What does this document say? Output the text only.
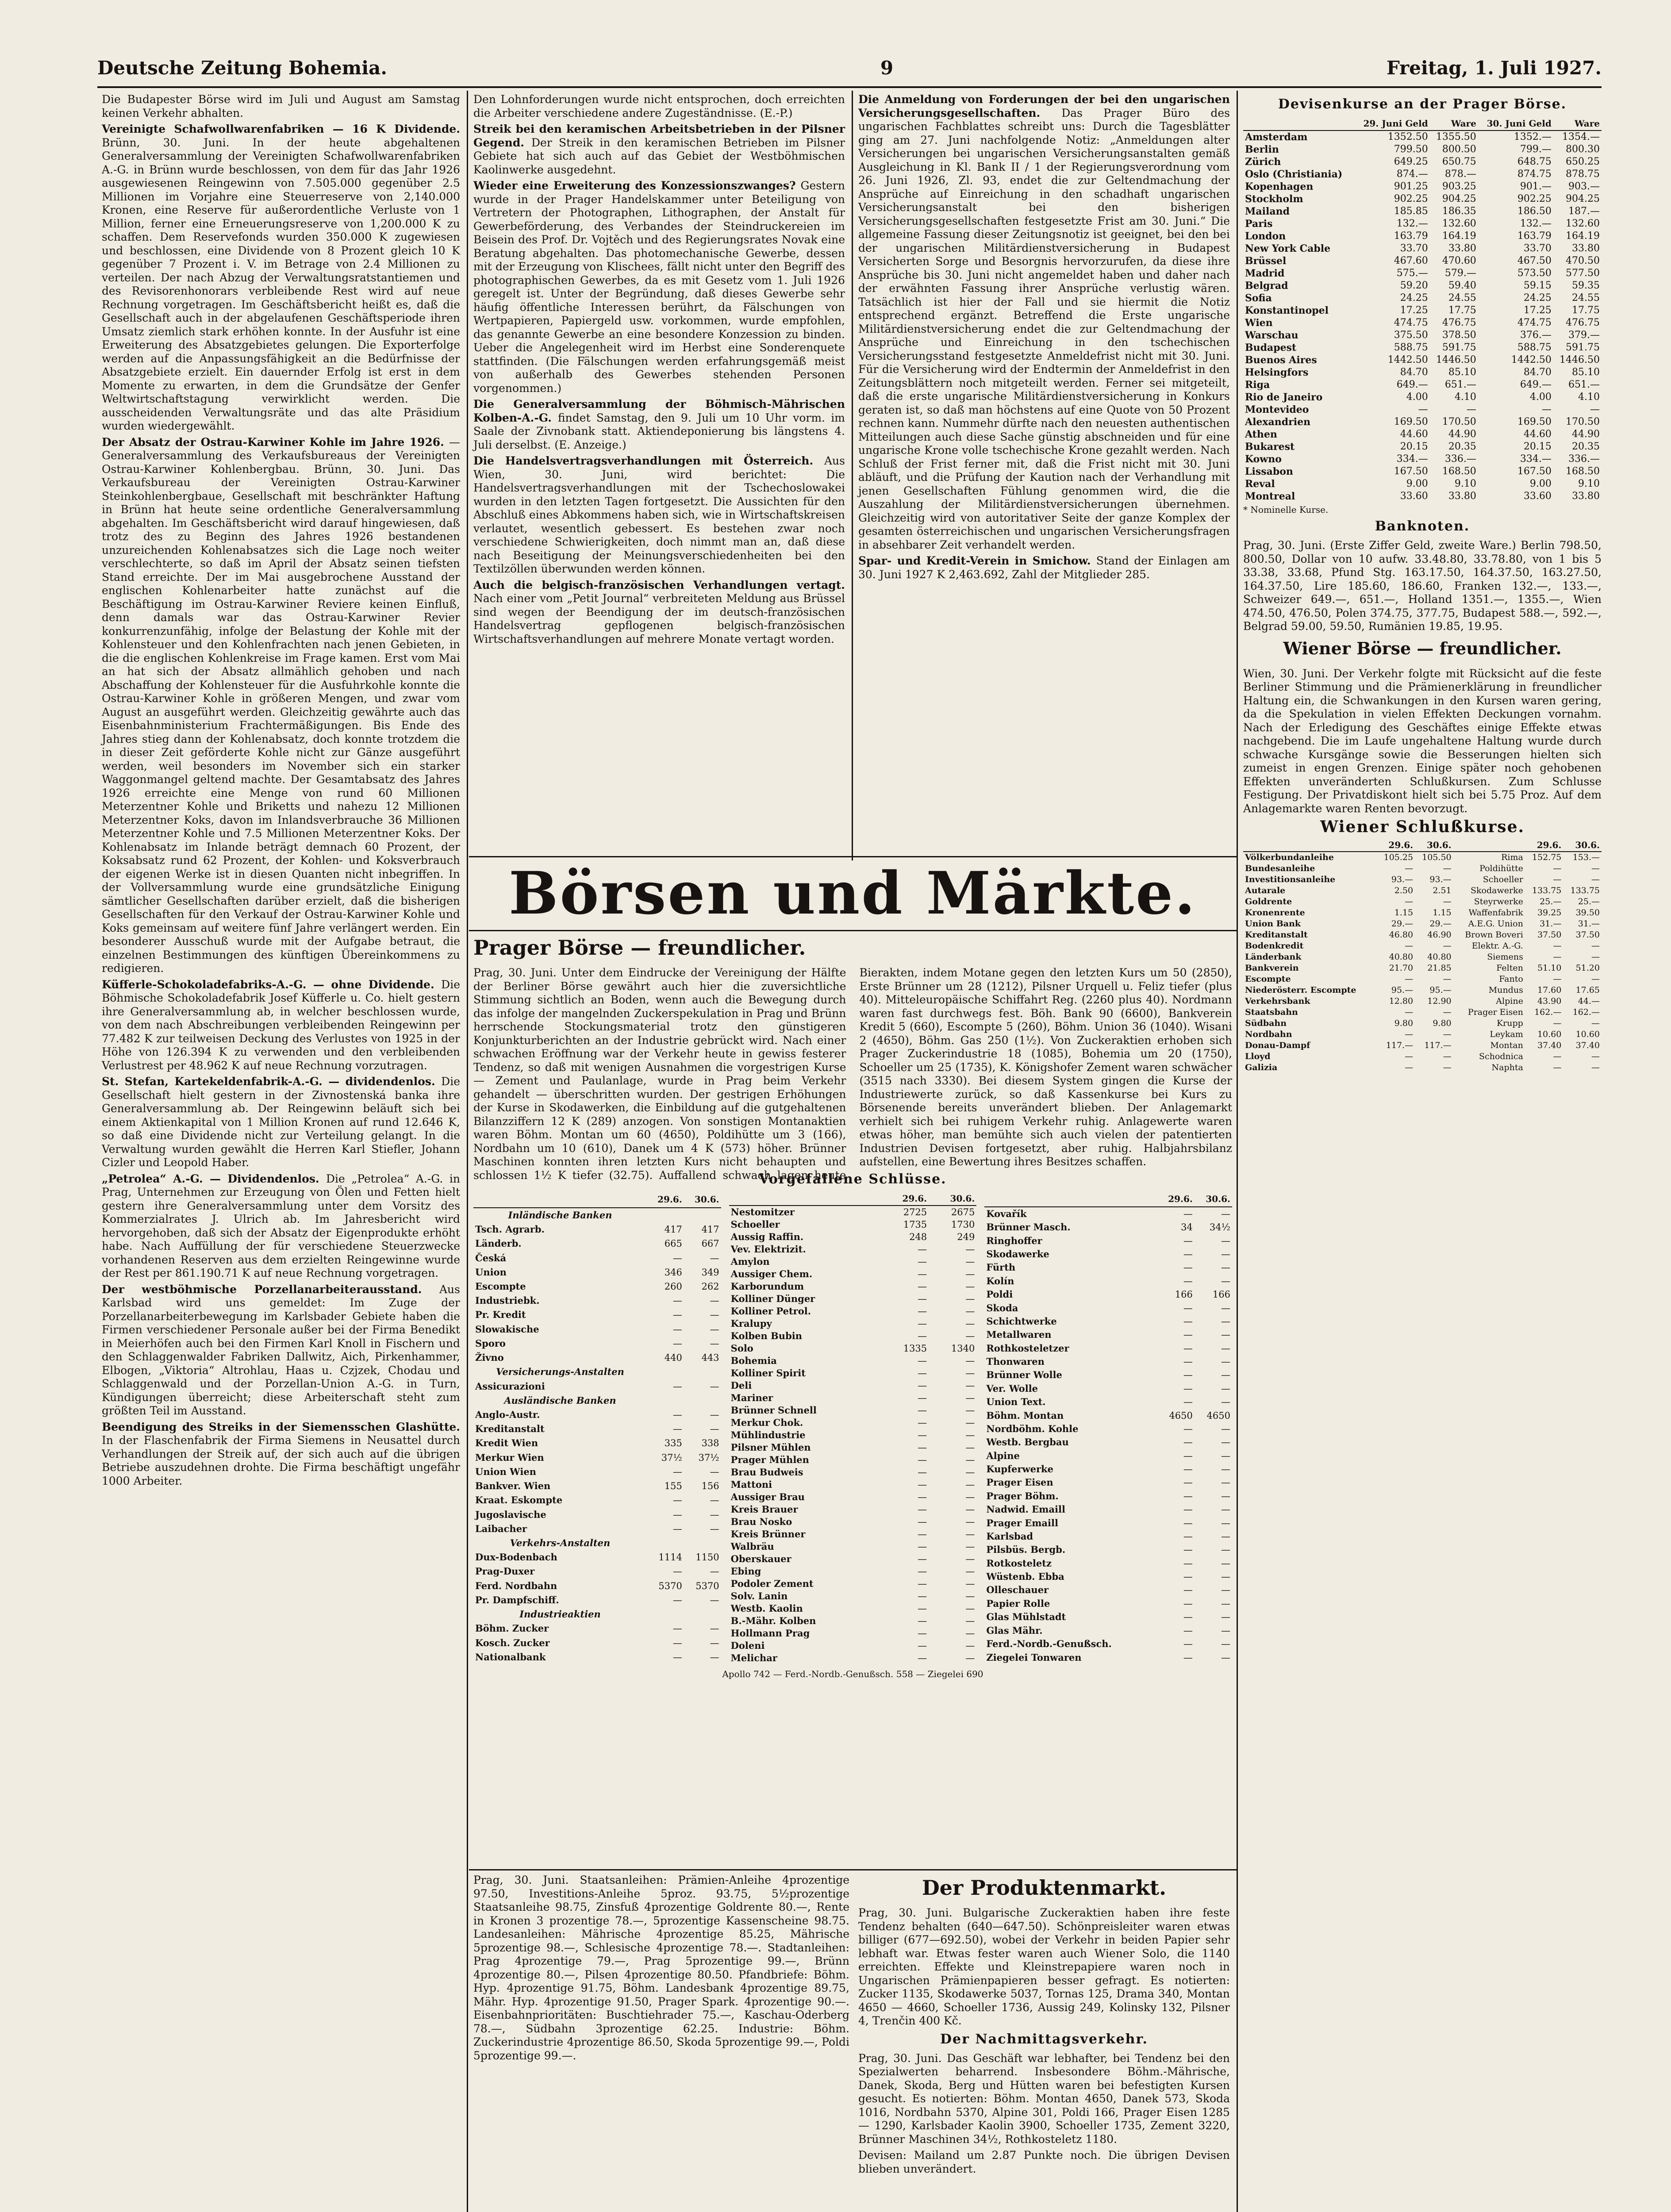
Deutsche Zeitung Bohemia.	9	Freitag, 1. Juli 1927.

Die Budapester Börse wird im Juli und August am Samstag keinen Verkehr abhalten.

Vereinigte Schafwollwarenfabriken — 16 K Dividende. Brünn, 30. Juni. In der heute abgehaltenen Generalversammlung der Vereinigten Schafwollwarenfabriken A.-G. in Brünn wurde beschlossen, von dem für das Jahr 1926 ausgewiesenen Reingewinn von 7.505.000 gegenüber 2.5 Millionen im Vorjahre eine Steuerreserve von 2,140.000 Kronen, eine Reserve für außerordentliche Verluste von 1 Million, ferner eine Erneuerungsreserve von 1,200.000 K zu schaffen. Dem Reservefonds wurden 350.000 K zugewiesen und beschlossen, eine Dividende von 8 Prozent gleich 10 K gegenüber 7 Prozent i. V. im Betrage von 2.4 Millionen zu verteilen. Der nach Abzug der Verwaltungsratstantiemen und des Revisorenhonorars verbleibende Rest wird auf neue Rechnung vorgetragen. Im Geschäftsbericht heißt es, daß die Gesellschaft auch in der abgelaufenen Geschäftsperiode ihren Umsatz ziemlich stark erhöhen konnte. In der Ausfuhr ist eine Erweiterung des Absatzgebietes gelungen. Die Exporterfolge werden auf die Anpassungsfähigkeit an die Bedürfnisse der Absatzgebiete erzielt. Ein dauernder Erfolg ist erst in dem Momente zu erwarten, in dem die Grundsätze der Genfer Weltwirtschaftstagung verwirklicht werden. Die ausscheidenden Verwaltungsräte und das alte Präsidium wurden wiedergewählt.

Der Absatz der Ostrau-Karwiner Kohle im Jahre 1926. — Generalversammlung des Verkaufsbureaus der Vereinigten Ostrau-Karwiner Kohlenbergbau. Brünn, 30. Juni. Das Verkaufsbureau der Vereinigten Ostrau-Karwiner Steinkohlenbergbaue, Gesellschaft mit beschränkter Haftung in Brünn hat heute seine ordentliche Generalversammlung abgehalten. Im Geschäftsbericht wird darauf hingewiesen, daß trotz des zu Beginn des Jahres 1926 bestandenen unzureichenden Kohlenabsatzes sich die Lage noch weiter verschlechterte, so daß im April der Absatz seinen tiefsten Stand erreichte. Der im Mai ausgebrochene Ausstand der englischen Kohlenarbeiter hatte zunächst auf die Beschäftigung im Ostrau-Karwiner Reviere keinen Einfluß, denn damals war das Ostrau-Karwiner Revier konkurrenzunfähig, infolge der Belastung der Kohle mit der Kohlensteuer und den Kohlenfrachten nach jenen Gebieten, in die die englischen Kohlenkreise im Frage kamen. Erst vom Mai an hat sich der Absatz allmählich gehoben und nach Abschaffung der Kohlensteuer für die Ausfuhrkohle konnte die Ostrau-Karwiner Kohle in größeren Mengen, und zwar vom August an ausgeführt werden. Gleichzeitig gewährte auch das Eisenbahnministerium Frachtermäßigungen. Bis Ende des Jahres stieg dann der Kohlenabsatz, doch konnte trotzdem die in dieser Zeit geförderte Kohle nicht zur Gänze ausgeführt werden, weil besonders im November sich ein starker Waggonmangel geltend machte. Der Gesamtabsatz des Jahres 1926 erreichte eine Menge von rund 60 Millionen Meterzentner Kohle und Briketts und nahezu 12 Millionen Meterzentner Koks, davon im Inlandsverbrauche 36 Millionen Meterzentner Kohle und 7.5 Millionen Meterzentner Koks. Der Kohlenabsatz im Inlande beträgt demnach 60 Prozent, der Koksabsatz rund 62 Prozent, der Kohlen- und Koksverbrauch der eigenen Werke ist in diesen Quanten nicht inbegriffen. In der Vollversammlung wurde eine grundsätzliche Einigung sämtlicher Gesellschaften darüber erzielt, daß die bisherigen Gesellschaften für den Verkauf der Ostrau-Karwiner Kohle und Koks gemeinsam auf weitere fünf Jahre verlängert werden. Ein besonderer Ausschuß wurde mit der Aufgabe betraut, die einzelnen Bestimmungen des künftigen Übereinkommens zu redigieren.

Küfferle-Schokoladefabriks-A.-G. — ohne Dividende. Die Böhmische Schokoladefabrik Josef Küfferle u. Co. hielt gestern ihre Generalversammlung ab, in welcher beschlossen wurde, von dem nach Abschreibungen verbleibenden Reingewinn per 77.482 K zur teilweisen Deckung des Verlustes von 1925 in der Höhe von 126.394 K zu verwenden und den verbleibenden Verlustrest per 48.962 K auf neue Rechnung vorzutragen.

St. Stefan, Kartekeldenfabrik-A.-G. — dividendenlos. Die Gesellschaft hielt gestern in der Zivnostenská banka ihre Generalversammlung ab. Der Reingewinn beläuft sich bei einem Aktienkapital von 1 Million Kronen auf rund 12.646 K, so daß eine Dividende nicht zur Verteilung gelangt. In die Verwaltung wurden gewählt die Herren Karl Stiefler, Johann Cizler und Leopold Haber.

„Petrolea“ A.-G. — Dividendenlos. Die „Petrolea“ A.-G. in Prag, Unternehmen zur Erzeugung von Ölen und Fetten hielt gestern ihre Generalversammlung unter dem Vorsitz des Kommerzialrates J. Ulrich ab. Im Jahresbericht wird hervorgehoben, daß sich der Absatz der Eigenprodukte erhöht habe. Nach Auffüllung der für verschiedene Steuerzwecke vorhandenen Reserven aus dem erzielten Reingewinne wurde der Rest per 861.190.71 K auf neue Rechnung vorgetragen.

Der westböhmische Porzellanarbeiterausstand. Aus Karlsbad wird uns gemeldet: Im Zuge der Porzellanarbeiterbewegung im Karlsbader Gebiete haben die Firmen verschiedener Personale außer bei der Firma Benedikt in Meierhöfen auch bei den Firmen Karl Knoll in Fischern und den Schlaggenwalder Fabriken Dallwitz, Aich, Pirkenhammer, Elbogen, „Viktoria“ Altrohlau, Haas u. Czjzek, Chodau und Schlaggenwald und der Porzellan-Union A.-G. in Turn, Kündigungen überreicht; diese Arbeiterschaft steht zum größten Teil im Ausstand.

Beendigung des Streiks in der Siemensschen Glashütte. In der Flaschenfabrik der Firma Siemens in Neusattel durch Verhandlungen der Streik auf, der sich auch auf die übrigen Betriebe auszudehnen drohte. Die Firma beschäftigt ungefähr 1000 Arbeiter.

Den Lohnforderungen wurde nicht entsprochen, doch erreichten die Arbeiter verschiedene andere Zugeständnisse. (E.-P.)

Streik bei den keramischen Arbeitsbetrieben in der Pilsner Gegend. Der Streik in den keramischen Betrieben im Pilsner Gebiete hat sich auch auf das Gebiet der Westböhmischen Kaolinwerke ausgedehnt.

Wieder eine Erweiterung des Konzessionszwanges? Gestern wurde in der Prager Handelskammer unter Beteiligung von Vertretern der Photographen, Lithographen, der Anstalt für Gewerbeförderung, des Verbandes der Steindruckereien im Beisein des Prof. Dr. Vojtěch und des Regierungsrates Novak eine Beratung abgehalten. Das photomechanische Gewerbe, dessen mit der Erzeugung von Klischees, fällt nicht unter den Begriff des photographischen Gewerbes, da es mit Gesetz vom 1. Juli 1926 geregelt ist. Unter der Begründung, daß dieses Gewerbe sehr häufig öffentliche Interessen berührt, da Fälschungen von Wertpapieren, Papiergeld usw. vorkommen, wurde empfohlen, das genannte Gewerbe an eine besondere Konzession zu binden. Ueber die Angelegenheit wird im Herbst eine Sonderenquete stattfinden. (Die Fälschungen werden erfahrungsgemäß meist von außerhalb des Gewerbes stehenden Personen vorgenommen.)

Die Generalversammlung der Böhmisch-Mährischen Kolben-A.-G. findet Samstag, den 9. Juli um 10 Uhr vorm. im Saale der Zivnobank statt. Aktiendeponierung bis längstens 4. Juli derselbst. (E. Anzeige.)

Die Handelsvertragsverhandlungen mit Österreich. Aus Wien, 30. Juni, wird berichtet: Die Handelsvertragsverhandlungen mit der Tschechoslowakei wurden in den letzten Tagen fortgesetzt. Die Aussichten für den Abschluß eines Abkommens haben sich, wie in Wirtschaftskreisen verlautet, wesentlich gebessert. Es bestehen zwar noch verschiedene Schwierigkeiten, doch nimmt man an, daß diese nach Beseitigung der Meinungsverschiedenheiten bei den Textilzöllen überwunden werden können.

Auch die belgisch-französischen Verhandlungen vertagt. Nach einer vom „Petit Journal“ verbreiteten Meldung aus Brüssel sind wegen der Beendigung der im deutsch-französischen Handelsvertrag gepflogenen belgisch-französischen Wirtschaftsverhandlungen auf mehrere Monate vertagt worden.

Die Anmeldung von Forderungen der bei den ungarischen Versicherungsgesellschaften. Das Prager Büro des ungarischen Fachblattes schreibt uns: Durch die Tagesblätter ging am 27. Juni nachfolgende Notiz: „Anmeldungen alter Versicherungen bei ungarischen Versicherungsanstalten gemäß Ausgleichung in Kl. Bank II / 1 der Regierungsverordnung vom 26. Juni 1926, Zl. 93, endet die zur Geltendmachung der Ansprüche auf Einreichung in den schadhaft ungarischen Versicherungsanstalt bei den bisherigen Versicherungsgesellschaften festgesetzte Frist am 30. Juni.“ Die allgemeine Fassung dieser Zeitungsnotiz ist geeignet, bei den bei der ungarischen Militärdienstversicherung in Budapest Versicherten Sorge und Besorgnis hervorzurufen, da diese ihre Ansprüche bis 30. Juni nicht angemeldet haben und daher nach der erwähnten Fassung ihrer Ansprüche verlustig wären. Tatsächlich ist hier der Fall und sie hiermit die Notiz entsprechend ergänzt. Betreffend die Erste ungarische Militärdienstversicherung endet die zur Geltendmachung der Ansprüche und Einreichung in den tschechischen Versicherungsstand festgesetzte Anmeldefrist nicht mit 30. Juni. Für die Versicherung wird der Endtermin der Anmeldefrist in den Zeitungsblättern noch mitgeteilt werden. Ferner sei mitgeteilt, daß die erste ungarische Militärdienstversicherung in Konkurs geraten ist, so daß man höchstens auf eine Quote von 50 Prozent rechnen kann. Nummehr dürfte nach den neuesten authentischen Mitteilungen auch diese Sache günstig abschneiden und für eine ungarische Krone volle tschechische Krone gezahlt werden. Nach Schluß der Frist ferner mit, daß die Frist nicht mit 30. Juni abläuft, und die Prüfung der Kaution nach der Verhandlung mit jenen Gesellschaften Fühlung genommen wird, die die Auszahlung der Militärdienstversicherungen übernehmen. Gleichzeitig wird von autoritativer Seite der ganze Komplex der gesamten österreichischen und ungarischen Versicherungsfragen in absehbarer Zeit verhandelt werden.

Spar- und Kredit-Verein in Smichow. Stand der Einlagen am 30. Juni 1927 K 2,463.692, Zahl der Mitglieder 285.

Börsen und Märkte.
Prager Börse — freundlicher.

Prag, 30. Juni. Unter dem Eindrucke der Vereinigung der Hälfte der Berliner Börse gewährt auch hier die zuversichtliche Stimmung sichtlich an Boden, wenn auch die Bewegung durch das infolge der mangelnden Zuckerspekulation in Prag und Brünn herrschende Stockungsmaterial trotz den günstigeren Konjunkturberichten an der Industrie gebrückt wird. Nach einer schwachen Eröffnung war der Verkehr heute in gewiss festerer Tendenz, so daß mit wenigen Ausnahmen die vorgestrigen Kurse — Zement und Paulanlage, wurde in Prag beim Verkehr gehandelt — überschritten wurden. Der gestrigen Erhöhungen der Kurse in Skodawerken, die Einbildung auf die gutgehaltenen Bilanzziffern 12 K (289) anzogen. Von sonstigen Montanaktien waren Böhm. Montan um 60 (4650), Poldihütte um 3 (166), Nordbahn um 10 (610), Danek um 4 K (573) höher. Brünner Maschinen konnten ihren letzten Kurs nicht behaupten und schlossen 1½ K tiefer (32.75). Auffallend schwach lagen heute Bierakten, indem Motane gegen den letzten Kurs um 50 (2850), Erste Brünner um 28 (1212), Pilsner Urquell u. Feliz tiefer (plus 40). Mitteleuropäische Schiffahrt Reg. (2260 plus 40). Nordmann waren fast durchwegs fest. Böh. Bank 90 (6600), Bankverein Kredit 5 (660), Escompte 5 (260), Böhm. Union 36 (1040). Wisani 2 (4650), Böhm. Gas 250 (1½). Von Zuckeraktien erhoben sich Prager Zuckerindustrie 18 (1085), Bohemia um 20 (1750), Schoeller um 25 (1735), K. Königshofer Zement waren schwächer (3515 nach 3330). Bei diesem System gingen die Kurse der Industriewerte zurück, so daß Kassenkurse bei Kurs zu Börsenende bereits unverändert blieben. Der Anlagemarkt verhielt sich bei ruhigem Verkehr ruhig. Anlagewerte waren etwas höher, man bemühte sich auch vielen der patentierten Industrien Devisen fortgesetzt, aber ruhig. Halbjahrsbilanz aufstellen, eine Bewertung ihres Besitzes schaffen.

Vorgefallene Schlüsse.
	29.6.	30.6.
Inländische Banken		
Tsch. Agrarb.	417	417
Länderb.	665	667
Česká	—	—
Union	346	349
Escompte	260	262
Industriebk.	—	—
Pr. Kredit	—	—
Slowakische	—	—
Sporo	—	—
Živno	440	443
Versicherungs-Anstalten		
Assicurazioni	—	—
Ausländische Banken		
Anglo-Austr.	—	—
Kreditanstalt	—	—
Kredit Wien	335	338
Merkur Wien	37½	37½
Union Wien	—	—
Bankver. Wien	155	156
Kraat. Eskompte	—	—
Jugoslavische	—	—
Laibacher	—	—
Verkehrs-Anstalten		
Dux-Bodenbach	1114	1150
Prag-Duxer	—	—
Ferd. Nordbahn	5370	5370
Pr. Dampfschiff.	—	—
Industrieaktien		
Böhm. Zucker	—	—
Kosch. Zucker	—	—
Nationalbank	—	—
	29.6.	30.6.
Nestomitzer	2725	2675
Schoeller	1735	1730
Aussig Raffin.	248	249
Vev. Elektrizit.	—	—
Amylon	—	—
Aussiger Chem.	—	—
Karborundum	—	—
Kolliner Dünger	—	—
Kolliner Petrol.	—	—
Kralupy	—	—
Kolben Bubin	—	—
Solo	1335	1340
Bohemia	—	—
Kolliner Spirit	—	—
Deli	—	—
Mariner	—	—
Brünner Schnell	—	—
Merkur Chok.	—	—
Mühlindustrie	—	—
Pilsner Mühlen	—	—
Prager Mühlen	—	—
Brau Budweis	—	—
Mattoni	—	—
Aussiger Brau	—	—
Kreis Brauer	—	—
Brau Nosko	—	—
Kreis Brünner	—	—
Walbräu	—	—
Oberskauer	—	—
Ebing	—	—
Podoler Zement	—	—
Solv. Lanin	—	—
Westb. Kaolin	—	—
B.-Mähr. Kolben	—	—
Hollmann Prag	—	—
Doleni	—	—
Melichar	—	—
	29.6.	30.6.
Kovařík	—	—
Brünner Masch.	34	34½
Ringhoffer	—	—
Skodawerke	—	—
Fürth	—	—
Kolín	—	—
Poldi	166	166
Skoda	—	—
Schichtwerke	—	—
Metallwaren	—	—
Rothkosteletzer	—	—
Thonwaren	—	—
Brünner Wolle	—	—
Ver. Wolle	—	—
Union Text.	—	—
Böhm. Montan	4650	4650
Nordböhm. Kohle	—	—
Westb. Bergbau	—	—
Alpine	—	—
Kupferwerke	—	—
Prager Eisen	—	—
Prager Böhm.	—	—
Nadwid. Emaill	—	—
Prager Emaill	—	—
Karlsbad	—	—
Pilsbüs. Bergb.	—	—
Rotkosteletz	—	—
Wüstenb. Ebba	—	—
Olleschauer	—	—
Papier Rolle	—	—
Glas Mühlstadt	—	—
Glas Mähr.	—	—
Ferd.-Nordb.-Genußsch.	—	—
Ziegelei Tonwaren	—	—
Apollo 742 — Ferd.-Nordb.-Genußsch. 558 — Ziegelei 690

Prag, 30. Juni. Staatsanleihen: Prämien-Anleihe 4prozentige 97.50, Investitions-Anleihe 5proz. 93.75, 5½prozentige Staatsanleihe 98.75, Zinsfuß 4prozentige Goldrente 80.—, Rente in Kronen 3 prozentige 78.—, 5prozentige Kassenscheine 98.75. Landesanleihen: Mährische 4prozentige 85.25, Mährische 5prozentige 98.—, Schlesische 4prozentige 78.—. Stadtanleihen: Prag 4prozentige 79.—, Prag 5prozentige 99.—, Brünn 4prozentige 80.—, Pilsen 4prozentige 80.50. Pfandbriefe: Böhm. Hyp. 4prozentige 91.75, Böhm. Landesbank 4prozentige 89.75, Mähr. Hyp. 4prozentige 91.50, Prager Spark. 4prozentige 90.—. Eisenbahnprioritäten: Buschtiehrader 75.—, Kaschau-Oderberg 78.—, Südbahn 3prozentige 62.25. Industrie: Böhm. Zuckerindustrie 4prozentige 86.50, Skoda 5prozentige 99.—, Poldi 5prozentige 99.—.

Der Produktenmarkt.

Prag, 30. Juni. Bulgarische Zuckeraktien haben ihre feste Tendenz behalten (640—647.50). Schönpreisleiter waren etwas billiger (677—692.50), wobei der Verkehr in beiden Papier sehr lebhaft war. Etwas fester waren auch Wiener Solo, die 1140 erreichten. Effekte und Kleinstrepapiere waren noch in Ungarischen Prämienpapieren besser gefragt. Es notierten: Zucker 1135, Skodawerke 5037, Tornas 125, Drama 340, Montan 4650 — 4660, Schoeller 1736, Aussig 249, Kolinsky 132, Pilsner 4, Trenčin 400 Kč.

Der Nachmittagsverkehr.

Prag, 30. Juni. Das Geschäft war lebhafter, bei Tendenz bei den Spezialwerten beharrend. Insbesondere Böhm.-Mährische, Danek, Skoda, Berg und Hütten waren bei befestigten Kursen gesucht. Es notierten: Böhm. Montan 4650, Danek 573, Skoda 1016, Nordbahn 5370, Alpine 301, Poldi 166, Prager Eisen 1285 — 1290, Karlsbader Kaolin 3900, Schoeller 1735, Zement 3220, Brünner Maschinen 34½, Rothkosteletz 1180.

Devisen: Mailand um 2.87 Punkte noch. Die übrigen Devisen blieben unverändert.

Devisenkurse an der Prager Börse.
	29. Juni Geld	Ware	30. Juni Geld	Ware
Amsterdam	1352.50	1355.50	1352.—	1354.—
Berlin	799.50	800.50	799.—	800.30
Zürich	649.25	650.75	648.75	650.25
Oslo (Christiania)	874.—	878.—	874.75	878.75
Kopenhagen	901.25	903.25	901.—	903.—
Stockholm	902.25	904.25	902.25	904.25
Mailand	185.85	186.35	186.50	187.—
Paris	132.—	132.60	132.—	132.60
London	163.79	164.19	163.79	164.19
New York Cable	33.70	33.80	33.70	33.80
Brüssel	467.60	470.60	467.50	470.50
Madrid	575.—	579.—	573.50	577.50
Belgrad	59.20	59.40	59.15	59.35
Sofia	24.25	24.55	24.25	24.55
Konstantinopel	17.25	17.75	17.25	17.75
Wien	474.75	476.75	474.75	476.75
Warschau	375.50	378.50	376.—	379.—
Budapest	588.75	591.75	588.75	591.75
Buenos Aires	1442.50	1446.50	1442.50	1446.50
Helsingfors	84.70	85.10	84.70	85.10
Riga	649.—	651.—	649.—	651.—
Rio de Janeiro	4.00	4.10	4.00	4.10
Montevideo	—	—	—	—
Alexandrien	169.50	170.50	169.50	170.50
Athen	44.60	44.90	44.60	44.90
Bukarest	20.15	20.35	20.15	20.35
Kowno	334.—	336.—	334.—	336.—
Lissabon	167.50	168.50	167.50	168.50
Reval	9.00	9.10	9.00	9.10
Montreal	33.60	33.80	33.60	33.80
* Nominelle Kurse.
Banknoten.

Prag, 30. Juni. (Erste Ziffer Geld, zweite Ware.) Berlin 798.50, 800.50, Dollar von 10 aufw. 33.48.80, 33.78.80, von 1 bis 5 33.38, 33.68, Pfund Stg. 163.17.50, 164.37.50, 163.27.50, 164.37.50, Lire 185.60, 186.60, Franken 132.—, 133.—, Schweizer 649.—, 651.—, Holland 1351.—, 1355.—, Wien 474.50, 476.50, Polen 374.75, 377.75, Budapest 588.—, 592.—, Belgrad 59.00, 59.50, Rumänien 19.85, 19.95.

Wiener Börse — freundlicher.

Wien, 30. Juni. Der Verkehr folgte mit Rücksicht auf die feste Berliner Stimmung und die Prämienerklärung in freundlicher Haltung ein, die Schwankungen in den Kursen waren gering, da die Spekulation in vielen Effekten Deckungen vornahm. Nach der Erledigung des Geschäftes einige Effekte etwas nachgebend. Die im Laufe ungehaltene Haltung wurde durch schwache Kursgänge sowie die Besserungen hielten sich zumeist in engen Grenzen. Einige später noch gehobenen Effekten unveränderten Schlußkursen. Zum Schlusse Festigung. Der Privatdiskont hielt sich bei 5.75 Proz. Auf dem Anlagemarkte waren Renten bevorzugt.

Wiener Schlußkurse.
	29.6.	30.6.		29.6.	30.6.
Völkerbundanleihe	105.25	105.50	Rima	152.75	153.—
Bundesanleihe	—	—	Poldihütte	—	—
Investitionsanleihe	93.—	93.—	Schoeller	—	—
Autarale	2.50	2.51	Skodawerke	133.75	133.75
Goldrente	—	—	Steyrwerke	25.—	25.—
Kronenrente	1.15	1.15	Waffenfabrik	39.25	39.50
Union Bank	29.—	29.—	A.E.G. Union	31.—	31.—
Kreditanstalt	46.80	46.90	Brown Boveri	37.50	37.50
Bodenkredit	—	—	Elektr. A.-G.	—	—
Länderbank	40.80	40.80	Siemens	—	—
Bankverein	21.70	21.85	Felten	51.10	51.20
Escompte	—	—	Fanto	—	—
Niederösterr. Escompte	95.—	95.—	Mundus	17.60	17.65
Verkehrsbank	12.80	12.90	Alpine	43.90	44.—
Staatsbahn	—	—	Prager Eisen	162.—	162.—
Südbahn	9.80	9.80	Krupp	—	—
Nordbahn	—	—	Leykam	10.60	10.60
Donau-Dampf	117.—	117.—	Montan	37.40	37.40
Lloyd	—	—	Schodnica	—	—
Galizia	—	—	Naphta	—	—
